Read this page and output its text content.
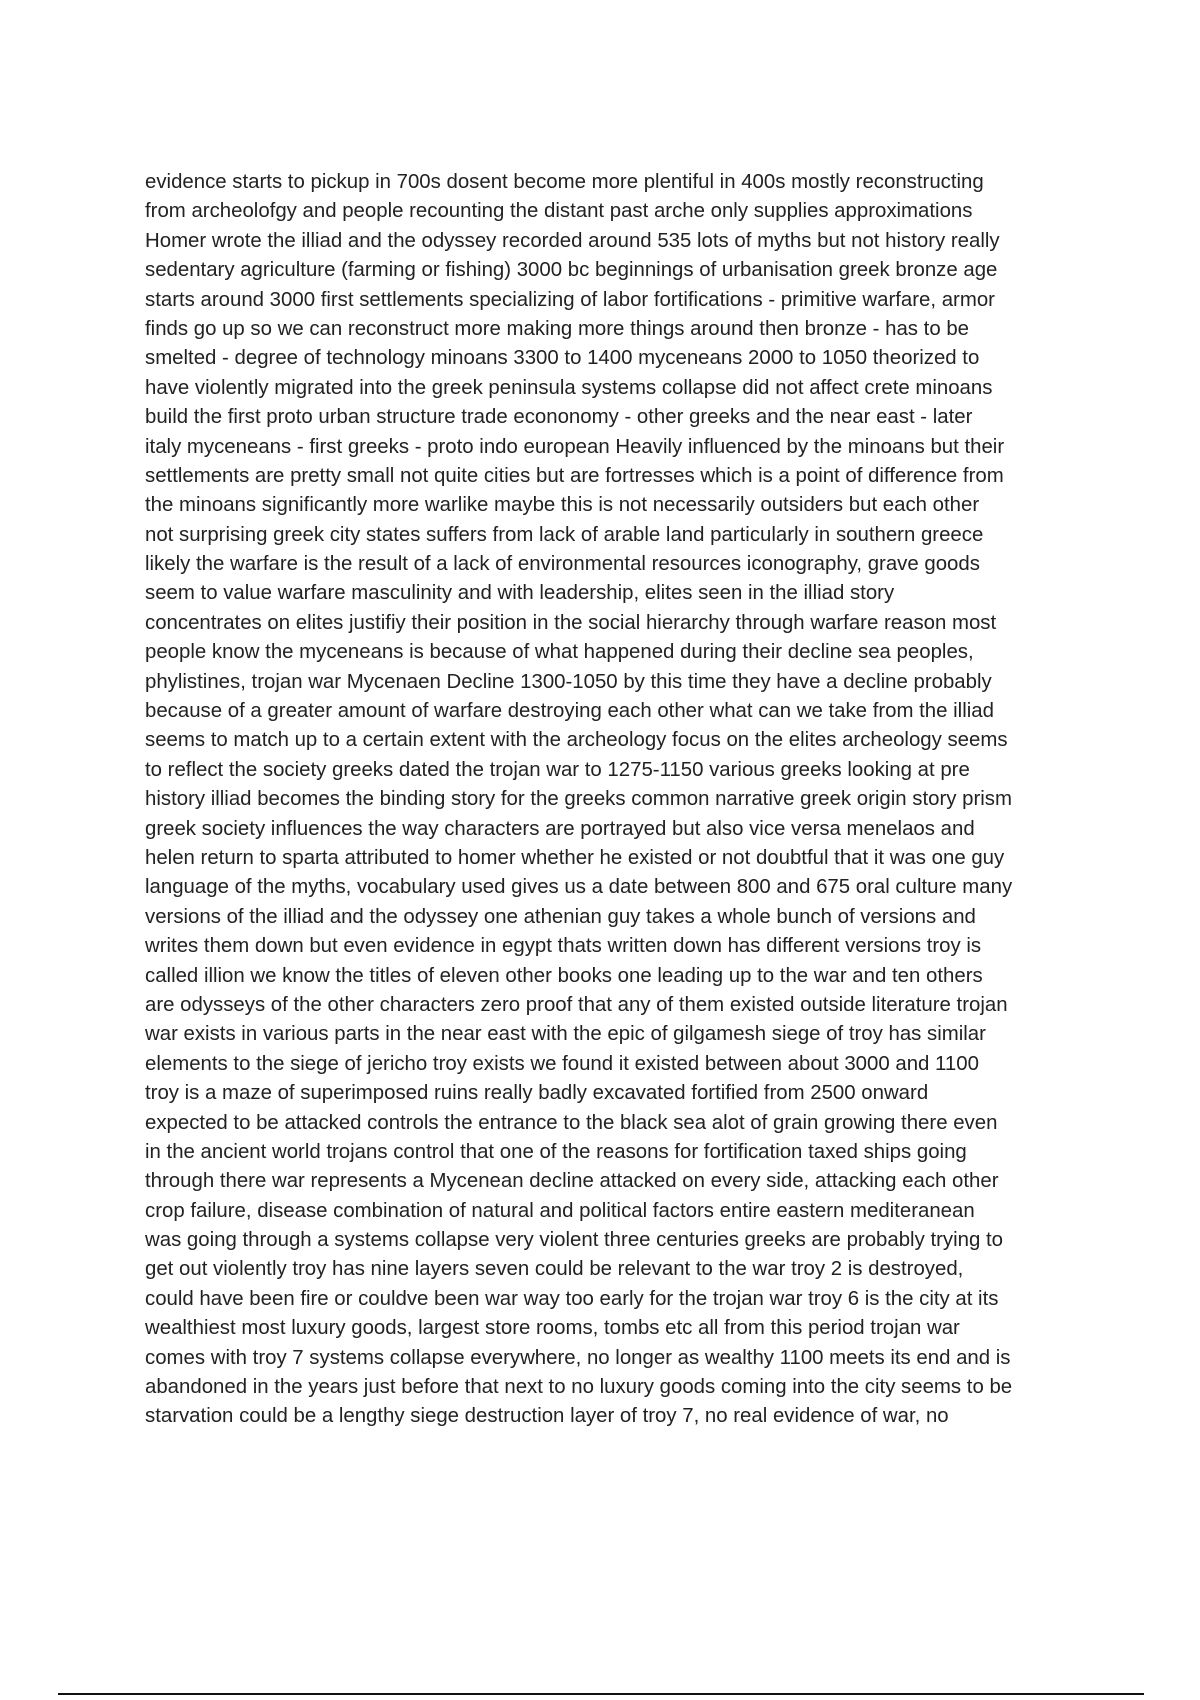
evidence starts to pickup in 700s dosent become more plentiful in 400s mostly reconstructing
from archeolofgy and people recounting the distant past arche only supplies approximations
Homer wrote the illiad and the odyssey recorded around 535 lots of myths but not history really
sedentary agriculture (farming or fishing) 3000 bc beginnings of urbanisation greek bronze age
starts around 3000 first settlements specializing of labor fortifications - primitive warfare, armor
finds go up so we can reconstruct more making more things around then bronze - has to be
smelted - degree of technology minoans 3300 to 1400 myceneans 2000 to 1050 theorized to
have violently migrated into the greek peninsula systems collapse did not affect crete minoans
build the first proto urban structure trade econonomy - other greeks and the near east - later
italy myceneans - first greeks - proto indo european Heavily influenced by the minoans but their
settlements are pretty small not quite cities but are fortresses which is a point of difference from
the minoans significantly more warlike maybe this is not necessarily outsiders but each other
not surprising greek city states suffers from lack of arable land particularly in southern greece
likely the warfare is the result of a lack of environmental resources iconography, grave goods
seem to value warfare masculinity and with leadership, elites seen in the illiad story
concentrates on elites justifiy their position in the social hierarchy through warfare reason most
people know the myceneans is because of what happened during their decline sea peoples,
phylistines, trojan war Mycenaen Decline 1300-1050 by this time they have a decline probably
because of a greater amount of warfare destroying each other what can we take from the illiad
seems to match up to a certain extent with the archeology focus on the elites archeology seems
to reflect the society greeks dated the trojan war to 1275-1150 various greeks looking at pre
history illiad becomes the binding story for the greeks common narrative greek origin story prism
greek society influences the way characters are portrayed but also vice versa menelaos and
helen return to sparta attributed to homer whether he existed or not doubtful that it was one guy
language of the myths, vocabulary used gives us a date between 800 and 675 oral culture many
versions of the illiad and the odyssey one athenian guy takes a whole bunch of versions and
writes them down but even evidence in egypt thats written down has different versions troy is
called illion we know the titles of eleven other books one leading up to the war and ten others
are odysseys of the other characters zero proof that any of them existed outside literature trojan
war exists in various parts in the near east with the epic of gilgamesh siege of troy has similar
elements to the siege of jericho troy exists we found it existed between about 3000 and 1100
troy is a maze of superimposed ruins really badly excavated fortified from 2500 onward
expected to be attacked controls the entrance to the black sea alot of grain growing there even
in the ancient world trojans control that one of the reasons for fortification taxed ships going
through there war represents a Mycenean decline attacked on every side, attacking each other
crop failure, disease combination of natural and political factors entire eastern mediteranean
was going through a systems collapse very violent three centuries greeks are probably trying to
get out violently troy has nine layers seven could be relevant to the war troy 2 is destroyed,
could have been fire or couldve been war way too early for the trojan war troy 6 is the city at its
wealthiest most luxury goods, largest store rooms, tombs etc all from this period trojan war
comes with troy 7 systems collapse everywhere, no longer as wealthy 1100 meets its end and is
abandoned in the years just before that next to no luxury goods coming into the city seems to be
starvation could be a lengthy siege destruction layer of troy 7, no real evidence of war, no
